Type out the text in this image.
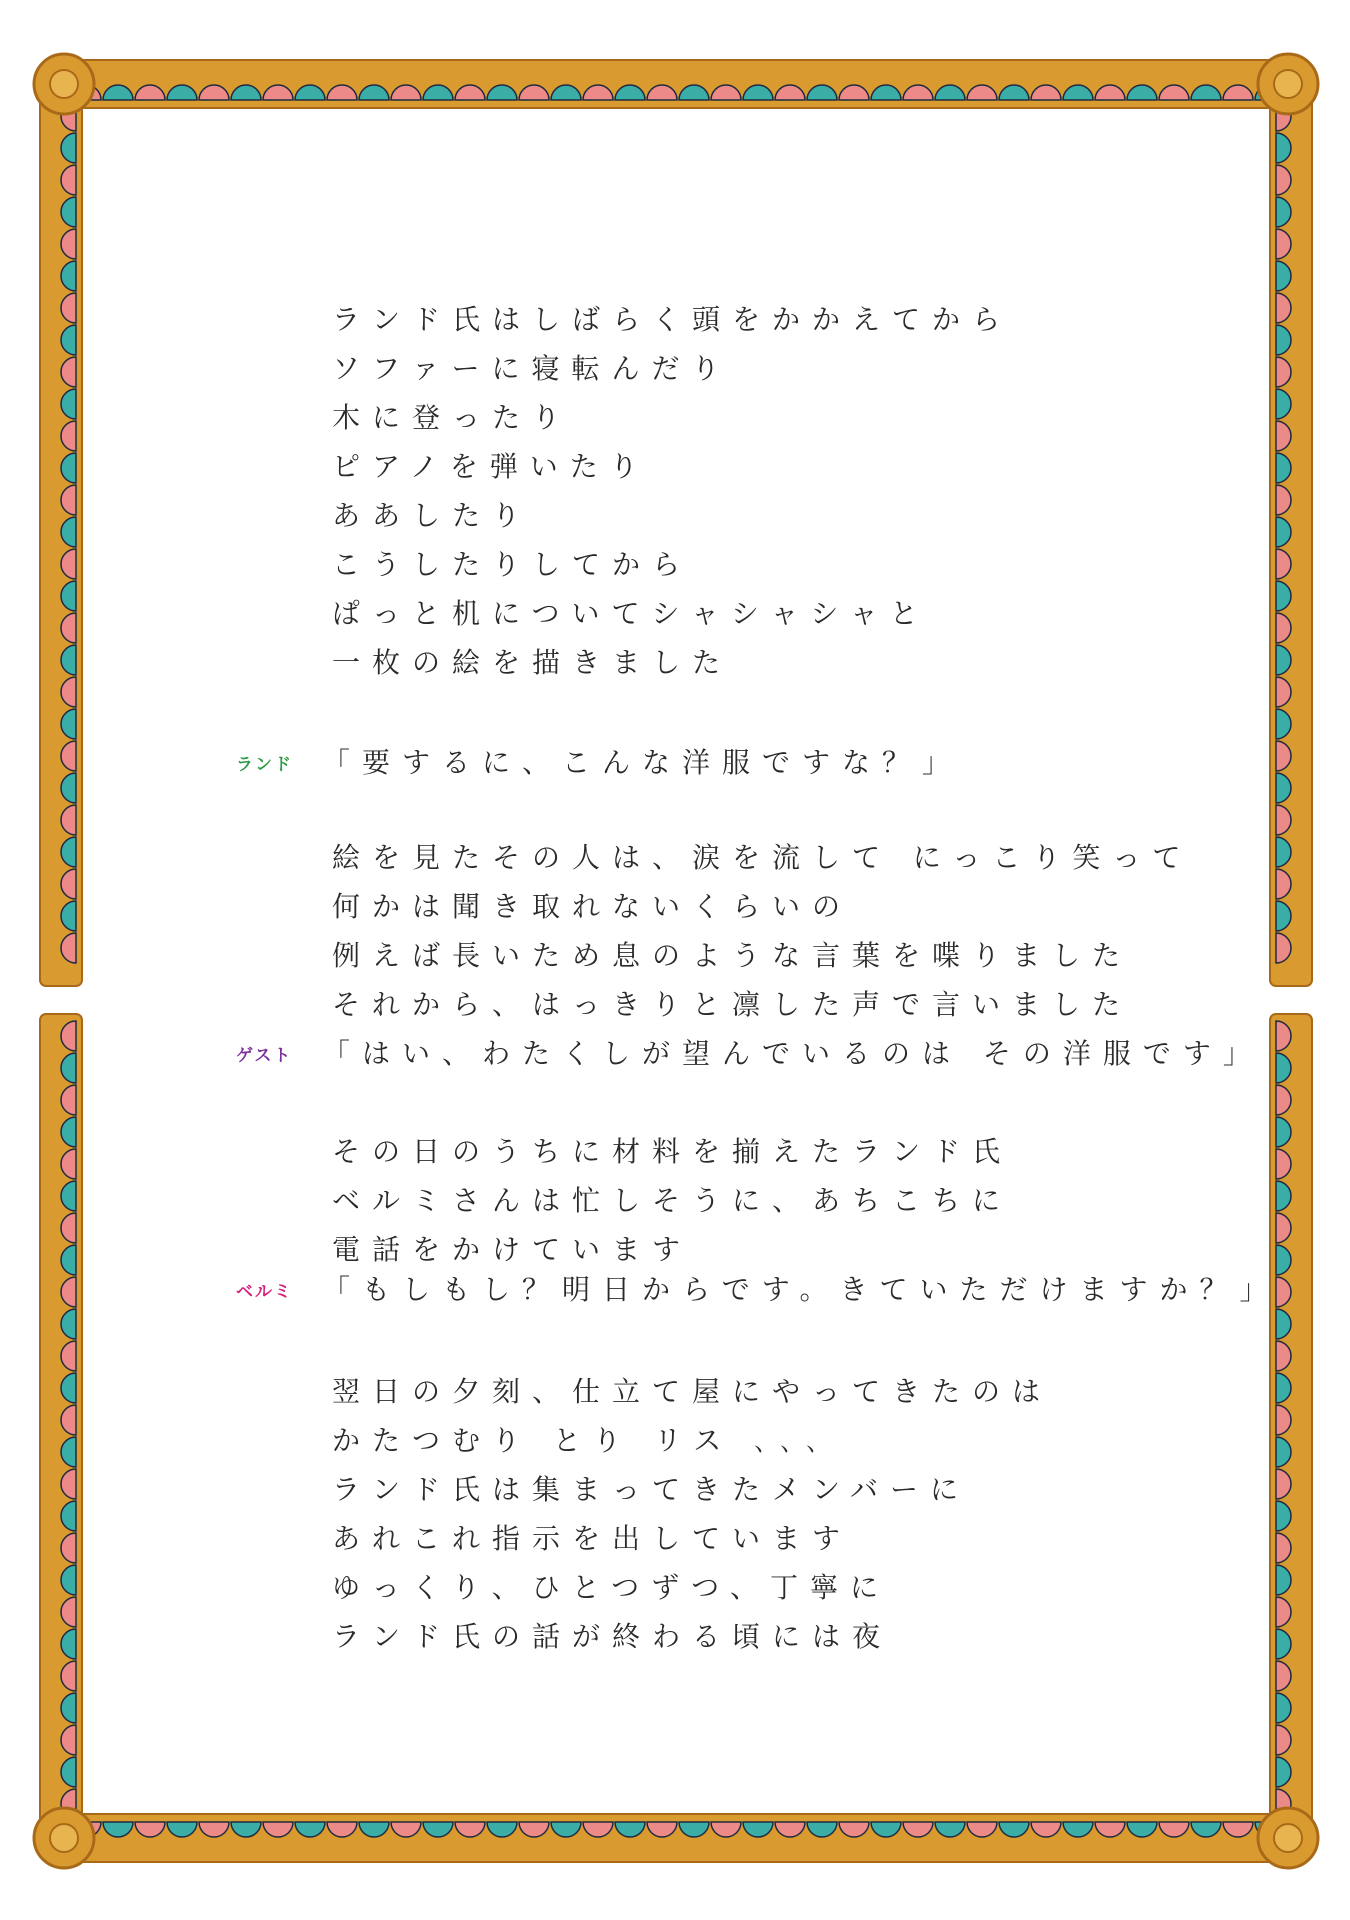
ランド氏はしばらく頭をかかえてから
ソファーに寝転んだり
木に登ったり
ピアノを弾いたり
ああしたり
こうしたりしてから
ぱっと机についてシャシャシャと
一枚の絵を描きました
ランド	「要するに、こんな洋服ですな？」
絵を見たその人は、涙を流して にっこり笑って
何かは聞き取れないくらいの
例えば長いため息のような言葉を喋りました
それから、はっきりと凛した声で言いました
ゲスト	「はい、わたくしが望んでいるのは その洋服です」
その日のうちに材料を揃えたランド氏
ベルミさんは忙しそうに、あちこちに
電話をかけています
ベルミ	「もしもし？明日からです。きていただけますか？」
翌日の夕刻、仕立て屋にやってきたのは
かたつむり とり リス ､､､
ランド氏は集まってきたメンバーに
あれこれ指示を出しています
ゆっくり、ひとつずつ、丁寧に
ランド氏の話が終わる頃には夜
